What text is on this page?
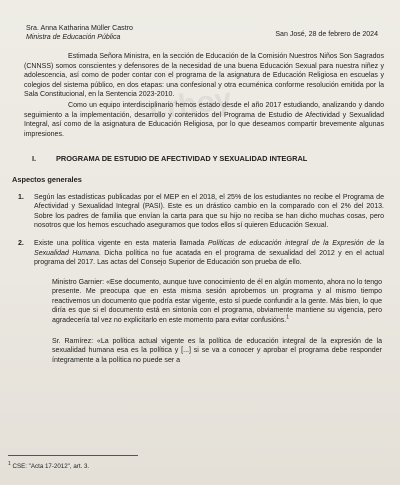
crhoy
Sra. Anna Katharina Müller Castro
Ministra de Educación Pública	San José, 28 de febrero de 2024

Estimada Señora Ministra, en la sección de Educación de la Comisión Nuestros Niños Son Sagrados (CNNSS) somos conscientes y defensores de la necesidad de una buena Educación Sexual para nuestra niñez y adolescencia, así como de poder contar con el programa de la asignatura de Educación Religiosa en escuelas y colegios del sistema público, en dos etapas: una confesional y otra ecuménica conforme resolución emitida por la Sala Constitucional, en la Sentencia 2023-2010.

Como un equipo interdisciplinario hemos estado desde el año 2017 estudiando, analizando y dando seguimiento a la implementación, desarrollo y contenidos del Programa de Estudio de Afectividad y Sexualidad Integral, así como de la asignatura de Educación Religiosa, por lo que deseamos compartir brevemente algunas impresiones.

I.	PROGRAMA DE ESTUDIO DE AFECTIVIDAD Y SEXUALIDAD INTEGRAL
Aspectos generales
1.	Según las estadísticas publicadas por el MEP en el 2018, el 25% de los estudiantes no recibe el Programa de Afectividad y Sexualidad Integral (PASI). Este es un drástico cambio en la comparado con el 2% del 2013. Sobre los padres de familia que envían la carta para que su hijo no reciba se han dicho muchas cosas, pero nosotros que los hemos escuchado aseguramos que todos ellos sí quieren Educación Sexual.
2.	Existe una política vigente en esta materia llamada Políticas de educación integral de la Expresión de la Sexualidad Humana. Dicha política no fue acatada en el programa de sexualidad del 2012 y en el actual programa del 2017. Las actas del Consejo Superior de Educación son prueba de ello.
Ministro Garnier: «Ese documento, aunque tuve conocimiento de él en algún momento, ahora no lo tengo presente. Me preocupa que en esta misma sesión aprobemos un programa y al mismo tiempo reactivemos un documento que podría estar vigente, esto sí puede confundir a la gente. Más bien, lo que diría es que si el documento está en sintonía con el programa, obviamente mantiene su vigencia, pero agradecería tal vez no explicitarlo en este momento para evitar confusións.$^1$
Sr. Ramírez: «La política actual vigente es la política de educación integral de la expresión de la sexualidad humana esa es la política y [...] si se va a conocer y aprobar el programa debe responder íntegramente a la política no puede ser a
$^1$ CSE: "Acta 17-2012", art. 3.
